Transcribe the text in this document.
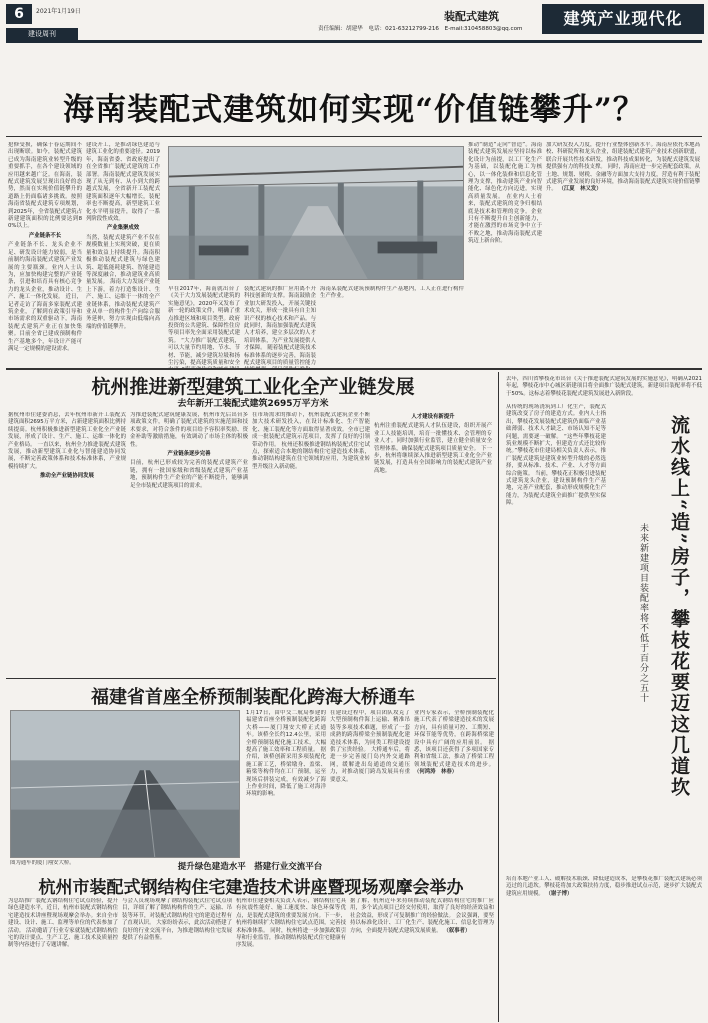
6	2021年1月19日
建设周刊
装配式建筑
责任编辑：胡建华　电话：021-63212799-216　E-mail:310458803@qq.com
建筑产业现代化
海南装配式建筑如何实现“价值链攀升”？
抢修受损，确保于春运期间不出现断联。如今，装配式建筑已成为海南建筑业转型升级的重要抓手，在各个建设领域的应用越来越广泛。在海南，装配式建筑发展呈现出良好的态势，然而在实现价值链攀升的道路上仍面临诸多挑战。按照海南省装配式建筑专项规划，到2025年，全省装配式建筑占新建建筑面积的比例要达到80%以上。
产业链条不长
产业链条不长、龙头企业不足、研发设计能力较弱，是当前制约海南装配式建筑产业发展的主要瓶颈。业内人士认为，应加快构建完整的产业链条，引进和培育具有核心竞争力的龙头企业，推动设计、生产、施工一体化发展。 近日，记者走访了海南多家装配式建筑企业，了解到在政策引导和市场需求的双重驱动下，海南装配式建筑产业正在加快集聚。目前全省已建成预制构件生产基地多个，年设计产能可满足一定规模的建设需求。
建设开工，是推动绿色建造与建筑工业化的重要途径。2019年，海南省委、省政府提出了在全省推广装配式建筑的工作部署。海南装配式建筑发展实现了从无到有、从小到大的跨越式发展，全省新开工装配式建筑面积逐年大幅增长，装配率也不断提高，新型建筑工业化水平明显提升，取得了一系列阶段性成效。
产业集聚成效
当然，装配式建筑产业不仅在规模数量上实现突破，更在质量和效益上持续提升。海南积极推动装配式建筑与绿色建筑、超低能耗建筑、智能建造等深度融合，推动建筑业高质量发展。 海南大力发展产业链上下游，着力打造集设计、生产、施工、运维于一体的全产业链体系，推动装配式建筑产业从单一的构件生产向综合服务延伸，努力实现由低端向高端的价值链攀升。
早在2017年，海南就出台了《关于大力发展装配式建筑的实施意见》，2020年又发布了新一轮的政策文件，明确了重点推进区域和项目类型。政府投资的公共建筑、保障性住房等项目率先全面采用装配式建筑。 “大力推广装配式建筑，可以大量节约用地、节水、节材、节能，减少建筑垃圾和扬尘污染，提高建筑质量和安全
装配式建筑的推广应用离不开科技创新的支撑。海南鼓励企业加大研发投入，开展关键技术攻关，形成一批具有自主知识产权的核心技术和产品。与此同时，海南加强装配式建筑人才培养，建立多层次的人才培训体系，为产业发展提供人才保障。 随着装配式建筑技术标准体系的逐步完善，海南装配式建筑项目的质量管控能力
海南某装配式建筑预制构件生产基地内，工人正在进行构件生产作业。
推动“制造”走向“智造”。海南装配式建筑发展应坚持以标准化设计为前提，以工厂化生产为基础，以装配化施工为核心，以一体化装修和信息化管理为支撑，推动建筑产业向智能化、绿色化方向迈进，实现高质量发展。 在业内人士看来，装配式建筑的竞争归根结底是技术和管理的竞争。企业只有不断提升自主创新能力，才能在激烈的市场竞争中立于不败之地，推动海南装配式建筑迈上新台阶。
加大研发投入力度，提升行业整体创新水平。海南应依托本地高校、科研院所和龙头企业，组建装配式建筑产业技术创新联盟，联合开展共性技术研发，推动科技成果转化，为装配式建筑发展提供强有力的科技支撑。 同时，海南应进一步完善配套政策，从土地、规划、财税、金融等方面加大支持力度，营造有利于装配式建筑产业发展的良好环境，推动海南装配式建筑实现价值链攀升。 （江夏　林又发）
杭州推进新型建筑工业化全产业链发展
去年新开工装配式建筑2695万平方米
据杭州市住建委消息，去年杭州市新开工装配式建筑面积2695万平方米，占新建建筑面积比例持续提高。杭州积极推进新型建筑工业化全产业链发展，形成了设计、生产、施工、运维一体化的产业格局。 一直以来，杭州全力推进装配式建筑发展，推动新型建筑工业化与智能建造协同发展，不断完善政策体系和技术标准体系，产业规模持续扩大。
推动全产业链协同发展
为推进装配式建筑健康发展，杭州市先后出台多项政策文件，明确了装配式建筑的实施范围和技术要求，对符合条件的项目给予容积率奖励、资金补助等激励措施，有效调动了市场主体的积极性。
产业链条逐步完善
目前，杭州已形成较为完善的装配式建筑产业链，拥有一批国家级和省级装配式建筑产业基地，预制构件生产企业的产能不断提升，能够满足全市装配式建筑项目的需求。
在市场需求的推动下，杭州装配式建筑企业不断加大技术研发投入，在设计标准化、生产智能化、施工装配化等方面取得显著成效。全市已建成一批装配式建筑示范项目，发挥了良好的引领带动作用。 杭州还积极推进钢结构装配式住宅试点，探索适合本地的钢结构住宅建造技术体系，推动钢结构建筑在住宅领域的应用，为建筑业转型升级注入新动能。
人才建设有新提升
杭州注重装配式建筑人才队伍建设，组织开展产业工人技能培训，培育一批懂技术、会管理的专业人才。同时加强行业监管，建立健全质量安全管理体系，确保装配式建筑项目质量安全。 下一步，杭州将继续深入推进新型建筑工业化全产业链发展，打造具有全国影响力的装配式建筑产业高地。
去年，四川省攀枝花市出台《关于推进装配式建筑发展的实施意见》，明确从2021年起，攀枝花市中心城区新建项目将全面推广装配式建筑，新建项目装配率将不低于50%。这标志着攀枝花装配式建筑发展进入新阶段。
从传统的现场浇筑到工厂化生产，装配式建筑改变了房子的建造方式。业内人士指出，攀枝花发展装配式建筑仍面临产业基础薄弱、技术人才缺乏、市场认知不足等问题，需要逐一破解。 “这些年攀枝花建筑业规模不断扩大，但建造方式还比较传统。”攀枝花市住建局相关负责人表示，推广装配式建筑是建筑业转型升级的必然选择，要从标准、技术、产业、人才等方面综合施策。 当前，攀枝花正积极引进装配式建筑龙头企业，建设预制构件生产基地，完善产业配套，推动形成规模化生产能力，为装配式建筑全面推广提供坚实保障。	流水线上“造”房子，攀枝花要迈这几道坎
未来新建项目装配率将不低于百分之五十
培育本地产业工人、破解技术瓶颈、降低建造成本，是攀枝花推广装配式建筑必须迈过的几道坎。攀枝花将加大政策扶持力度，稳步推进试点示范，逐步扩大装配式建筑应用规模。 （谢子博）
福建省首座全桥预制装配化跨海大桥通车
图为通车的厦门翔安大桥。
1月17日，由中交二航局参建的福建省首座全桥预制装配化跨海大桥——厦门翔安大桥正式通车。该桥全长约12.4公里，采用全桥预制装配化施工技术，大幅提高了施工效率和工程质量。 据介绍，该桥创新采用多项装配化施工新工艺，桥梁墩身、盖梁、箱梁等构件均在工厂预制，运至现场后拼装完成，有效减少了海上作业时间，降低了施工对海洋环境的影响。
在建设过程中，项目团队攻克了大型预制构件海上运输、精准吊装等多项技术难题，形成了一套成熟的跨海桥梁全预制装配化建造技术体系，为同类工程建设提供了宝贵经验。 大桥通车后，将进一步完善厦门岛内外交通路网，缓解进出岛通道的交通压力，对推动厦门跨岛发展具有重要意义。
业内专家表示，全桥预制装配化施工代表了桥梁建造技术的发展方向，具有质量可控、工期短、环保节能等优势，在跨海桥梁建设中具有广阔的应用前景。 据悉，该项目还获得了多项国家专利和省级工法，推动了桥梁工程领域装配式建造技术的进步。 （何鸿涛　林春）
提升绿色建造水平　搭建行业交流平台
杭州市装配式钢结构住宅建造技术讲座暨现场观摩会举办
为总结推广装配式钢结构住宅试点经验，提升绿色建造水平，近日，杭州市装配式钢结构住宅建造技术讲座暨现场观摩会举办。来自全市建设、设计、施工、监理等单位的代表参加了活动。 活动邀请了行业专家就装配式钢结构住宅的设计要点、生产工艺、施工技术及质量控制等内容进行了专题讲解。
与会人员现场观摩了钢结构装配式住宅试点项目，详细了解了钢结构构件的生产、运输、吊装等环节，对装配式钢结构住宅的建造过程有了直观认识。 大家纷纷表示，此次活动搭建了良好的行业交流平台，为推进钢结构住宅发展提供了有益借鉴。
杭州市住建委相关负责人表示，钢结构住宅具有抗震性能好、施工速度快、绿色环保等优点，是装配式建筑的重要发展方向。下一步，杭州将继续扩大钢结构住宅试点范围，完善技术标准体系。 同时，杭州将进一步加强政策引导和行业监管，推动钢结构装配式住宅健康有序发展。
据了解，杭州近年来持续推动装配式钢结构住宅的推广应用，多个试点项目已经交付使用，取得了良好的经济效益和社会效益，形成了可复制推广的经验做法。 会议强调，要坚持以标准化设计、工厂化生产、装配化施工、信息化管理为方向，全面提升装配式建筑发展质量。 （叙事者）
